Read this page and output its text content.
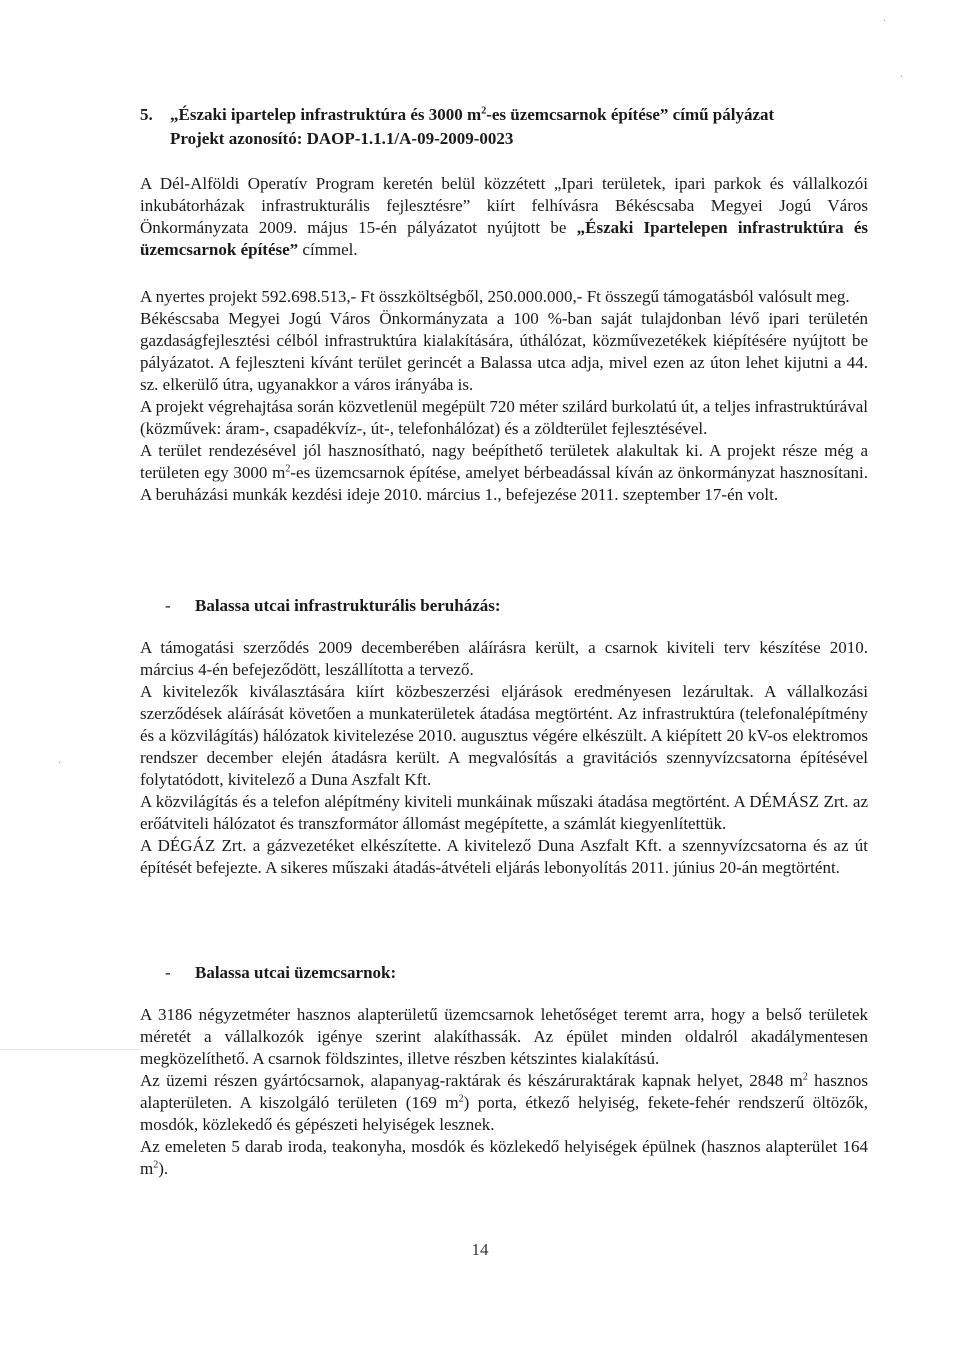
·
·
·
5. „Északi ipartelep infrastruktúra és 3000 $m^2-es$ üzemcsarnok építése” című pályázat
Projekt azonosító: DAOP-1.1.1/A-09-2009-0023

A Dél-Alföldi Operatív Program keretén belül közzétett „Ipari területek, ipari parkok és vállalkozói inkubátorházak infrastrukturális fejlesztésre” kiírt felhívásra Békéscsaba Megyei Jogú Város Önkormányzata 2009. május 15-én pályázatot nyújtott be „Északi Ipartelepen infrastruktúra és üzemcsarnok építése” címmel.

A nyertes projekt 592.698.513,- Ft összköltségből, 250.000.000,- Ft összegű támogatásból valósult meg.

Békéscsaba Megyei Jogú Város Önkormányzata a 100 %-ban saját tulajdonban lévő ipari területén gazdaságfejlesztési célból infrastruktúra kialakítására, úthálózat, közművezetékek kiépítésére nyújtott be pályázatot. A fejleszteni kívánt terület gerincét a Balassa utca adja, mivel ezen az úton lehet kijutni a 44. sz. elkerülő útra, ugyanakkor a város irányába is.

A projekt végrehajtása során közvetlenül megépült 720 méter szilárd burkolatú út, a teljes infrastruktúrával (közművek: áram-, csapadékvíz-, út-, telefonhálózat) és a zöldterület fejlesztésével.

A terület rendezésével jól hasznosítható, nagy beépíthető területek alakultak ki. A projekt része még a területen egy 3000 $m^2-es$ üzemcsarnok építése, amelyet bérbeadással kíván az önkormányzat hasznosítani. A beruházási munkák kezdési ideje 2010. március 1., befejezése 2011. szeptember 17-én volt.

- Balassa utcai infrastrukturális beruházás:

A támogatási szerződés 2009 decemberében aláírásra került, a csarnok kiviteli terv készítése 2010. március 4-én befejeződött, leszállította a tervező.

A kivitelezők kiválasztására kiírt közbeszerzési eljárások eredményesen lezárultak. A vállalkozási szerződések aláírását követően a munkaterületek átadása megtörtént. Az infrastruktúra (telefonalépítmény és a közvilágítás) hálózatok kivitelezése 2010. augusztus végére elkészült. A kiépített 20 kV-os elektromos rendszer december elején átadásra került. A megvalósítás a gravitációs szennyvízcsatorna építésével folytatódott, kivitelező a Duna Aszfalt Kft.

A közvilágítás és a telefon alépítmény kiviteli munkáinak műszaki átadása megtörtént. A DÉMÁSZ Zrt. az erőátviteli hálózatot és transzformátor állomást megépítette, a számlát kiegyenlítettük.

A DÉGÁZ Zrt. a gázvezetéket elkészítette. A kivitelező Duna Aszfalt Kft. a szennyvízcsatorna és az út építését befejezte. A sikeres műszaki átadás-átvételi eljárás lebonyolítás 2011. június 20-án megtörtént.

- Balassa utcai üzemcsarnok:

A 3186 négyzetméter hasznos alapterületű üzemcsarnok lehetőséget teremt arra, hogy a belső területek méretét a vállalkozók igénye szerint alakíthassák. Az épület minden oldalról akadálymentesen megközelíthető. A csarnok földszintes, illetve részben kétszintes kialakítású.

Az üzemi részen gyártócsarnok, alapanyag-raktárak és készáruraktárak kapnak helyet, 2848 $m^2$ hasznos alapterületen. A kiszolgáló területen (169 $m^2$) porta, étkező helyiség, fekete-fehér rendszerű öltözők, mosdók, közlekedő és gépészeti helyiségek lesznek.

Az emeleten 5 darab iroda, teakonyha, mosdók és közlekedő helyiségek épülnek (hasznos alapterület 164 $m^2$).

14
